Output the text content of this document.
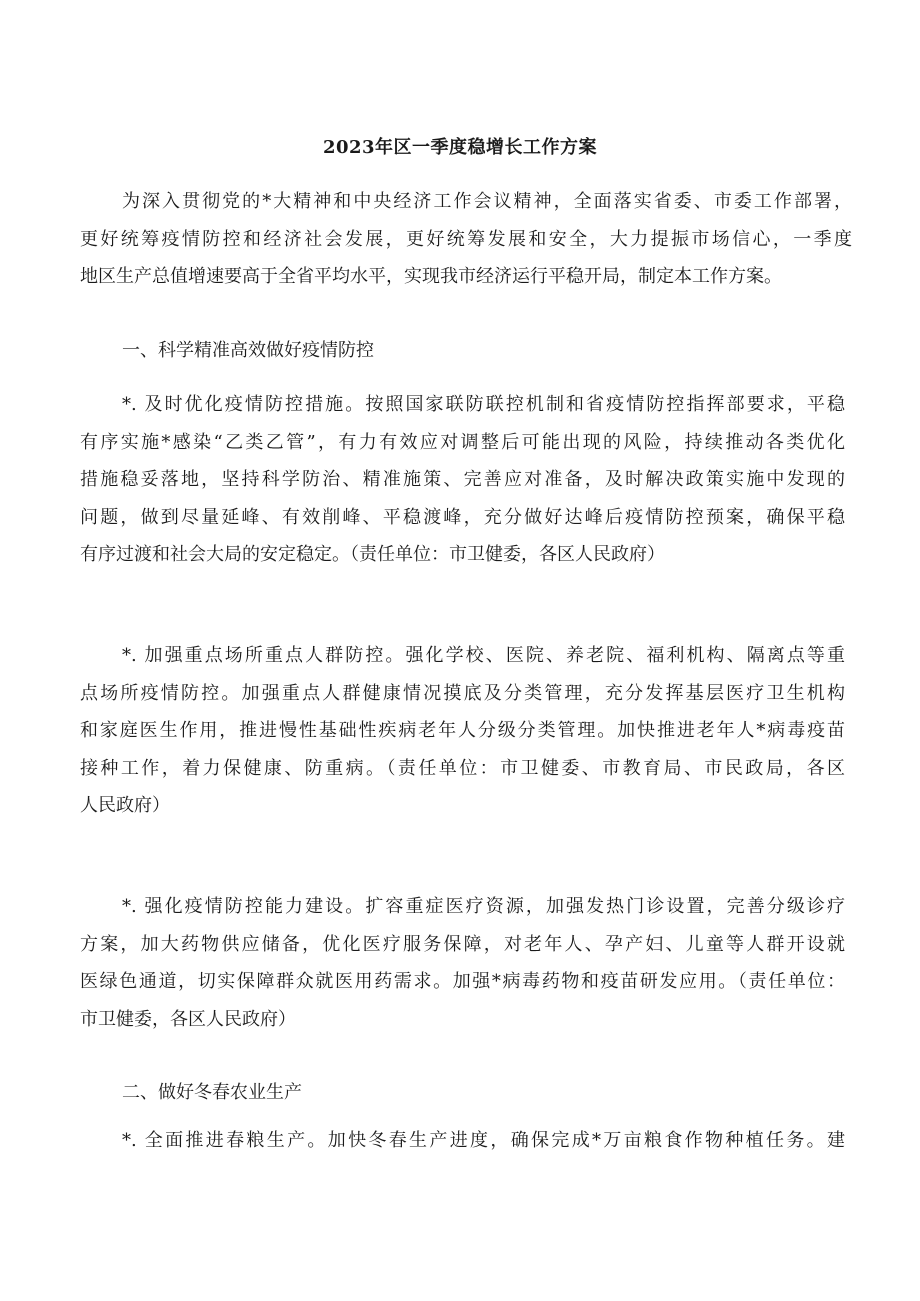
2023年区一季度稳增长工作方案
为深入贯彻党的*大精神和中央经济工作会议精神，全面落实省委、市委工作部署，
更好统筹疫情防控和经济社会发展，更好统筹发展和安全，大力提振市场信心，一季度
地区生产总值增速要高于全省平均水平，实现我市经济运行平稳开局，制定本工作方案。
一、科学精准高效做好疫情防控
*. 及时优化疫情防控措施。按照国家联防联控机制和省疫情防控指挥部要求，平稳
有序实施*感染“乙类乙管”，有力有效应对调整后可能出现的风险，持续推动各类优化
措施稳妥落地，坚持科学防治、精准施策、完善应对准备，及时解决政策实施中发现的
问题，做到尽量延峰、有效削峰、平稳渡峰，充分做好达峰后疫情防控预案，确保平稳
有序过渡和社会大局的安定稳定。（责任单位：市卫健委，各区人民政府）
*. 加强重点场所重点人群防控。强化学校、医院、养老院、福利机构、隔离点等重
点场所疫情防控。加强重点人群健康情况摸底及分类管理，充分发挥基层医疗卫生机构
和家庭医生作用，推进慢性基础性疾病老年人分级分类管理。加快推进老年人*病毒疫苗
接种工作，着力保健康、防重病。（责任单位：市卫健委、市教育局、市民政局，各区
人民政府）
*. 强化疫情防控能力建设。扩容重症医疗资源，加强发热门诊设置，完善分级诊疗
方案，加大药物供应储备，优化医疗服务保障，对老年人、孕产妇、儿童等人群开设就
医绿色通道，切实保障群众就医用药需求。加强*病毒药物和疫苗研发应用。（责任单位：
市卫健委，各区人民政府）
二、做好冬春农业生产
*. 全面推进春粮生产。加快冬春生产进度，确保完成*万亩粮食作物种植任务。建
